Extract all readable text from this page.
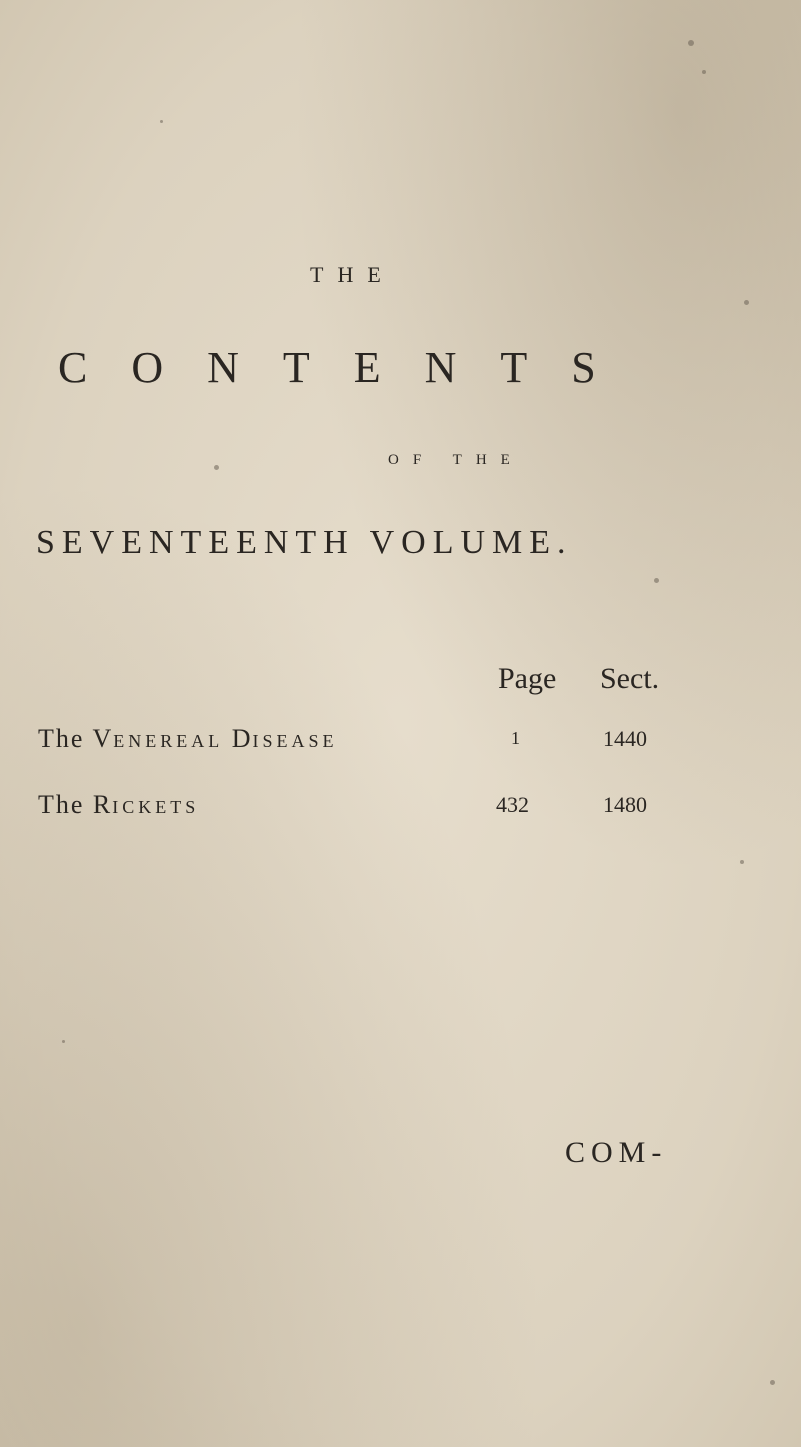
THE
CONTENTS
OF THE
SEVENTEENTH VOLUME.
Page Sect.
The VENEREAL DISEASE	1	1440
The RICKETS	432	1480
COM-
